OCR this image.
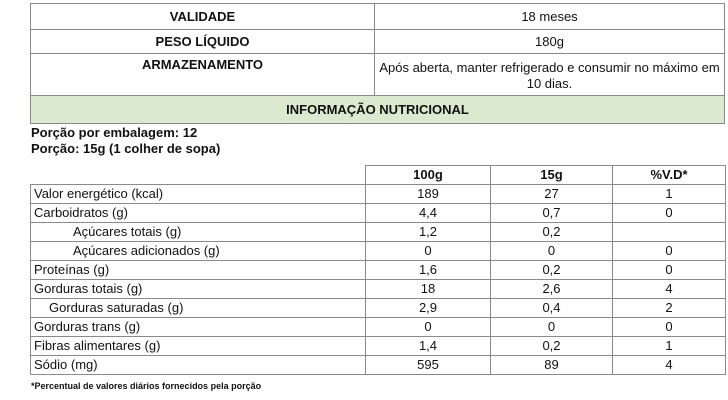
VALIDADE	18 meses
PESO LÍQUIDO	180g
ARMAZENAMENTO	Após aberta, manter refrigerado e consumir no máximo em 10 dias.
INFORMAÇÃO NUTRICIONAL	
Porção por embalagem: 12
Porção: 15g (1 colher de sopa)
	100g	15g	%V.D*
Valor energético (kcal)	189	27	1
Carboidratos (g)	4,4	0,7	0
Açúcares totais (g)	1,2	0,2	
Açúcares adicionados (g)	0	0	0
Proteínas (g)	1,6	0,2	0
Gorduras totais (g)	18	2,6	4
Gorduras saturadas (g)	2,9	0,4	2
Gorduras trans (g)	0	0	0
Fibras alimentares (g)	1,4	0,2	1
Sódio (mg)	595	89	4
*Percentual de valores diários fornecidos pela porção
